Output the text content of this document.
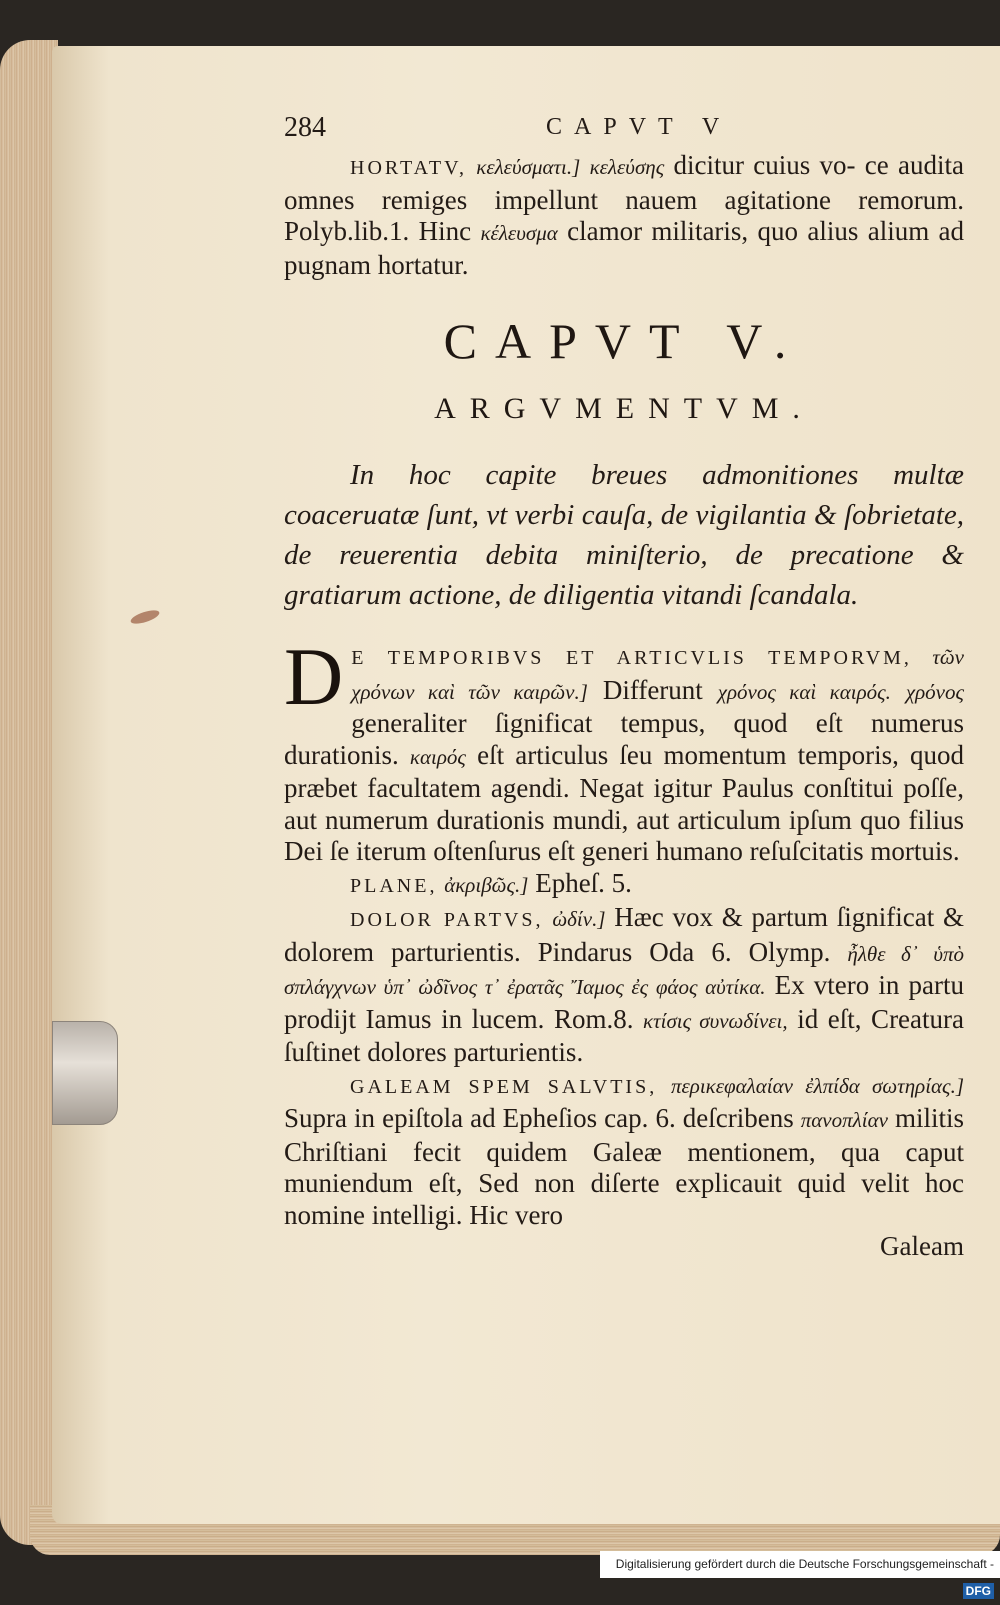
284	CAPVT V
HORTATV, κελεύσματι.] κελεύσης dicitur cuius vo- ce audita omnes remiges impellunt nauem agitatione remorum. Polyb.lib.1. Hinc κέλευσμα clamor militaris, quo alius alium ad pugnam hortatur.
CAPVT V.
ARGVMENTVM.
In hoc capite breues admonitiones multæ coaceruatæ ſunt, vt verbi cauſa, de vigilantia & ſobrietate, de reuerentia debita miniſterio, de precatione & gratiarum actione, de diligentia vitandi ſcandala.
D E TEMPORIBVS ET ARTICVLIS TEMPORVM, τῶν χρόνων καὶ τῶν καιρῶν.] Differunt χρόνος καὶ καιρός. χρόνος generaliter ſignificat tempus, quod eſt numerus durationis. καιρός eſt articulus ſeu momentum temporis, quod præbet facultatem agendi. Negat igitur Paulus conſtitui poſſe, aut numerum durationis mundi, aut articulum ipſum quo filius Dei ſe iterum oſtenſurus eſt generi humano reſuſcitatis mortuis.
PLANE, ἀκριβῶς.] Epheſ. 5.
DOLOR PARTVS, ὠδίν.] Hæc vox & partum ſignificat & dolorem parturientis. Pindarus Oda 6. Olymp. ἦλθε δ᾽ ὑπὸ σπλάγχνων ὑπ᾽ ὠδῖνος τ᾽ ἐρατᾶς Ἴαμος ἐς φάος αὐτίκα. Ex vtero in partu prodijt Iamus in lucem. Rom.8. κτίσις συνωδίνει, id eſt, Creatura ſuſtinet dolores parturientis.
GALEAM SPEM SALVTIS, περικεφαλαίαν ἐλπίδα σωτηρίας.] Supra in epiſtola ad Epheſios cap. 6. deſcribens πανοπλίαν militis Chriſtiani fecit quidem Galeæ mentionem, qua caput muniendum eſt, Sed non diſerte explicauit quid velit hoc nomine intelligi. Hic vero
Galeam
Digitalisierung gefördert durch die Deutsche Forschungsgemeinschaft - DFG
